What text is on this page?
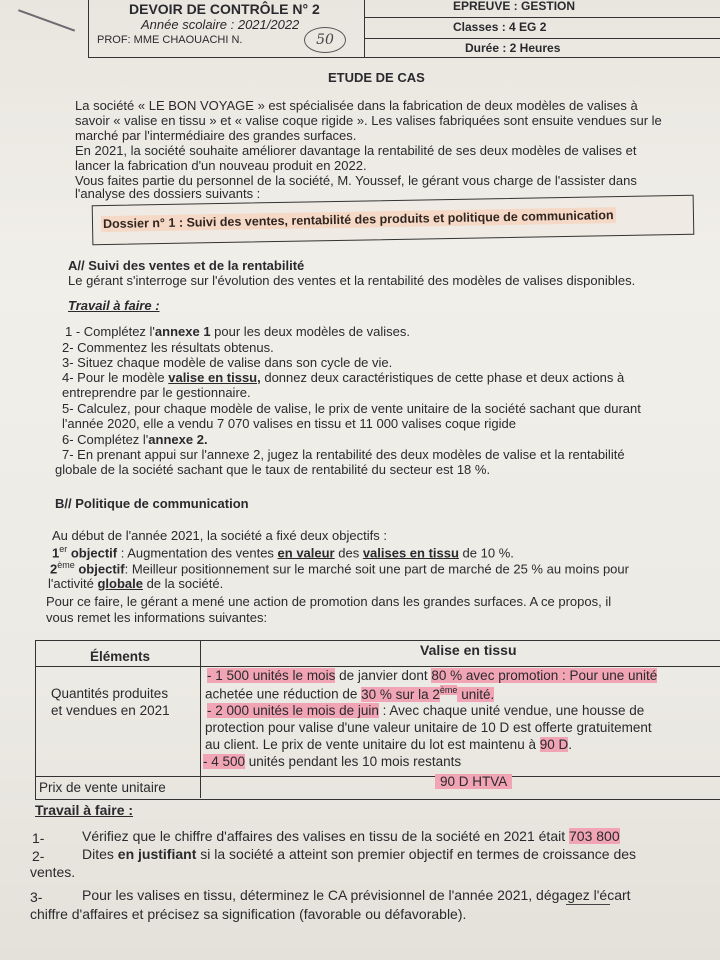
DEVOIR DE CONTRÔLE N° 2
Année scolaire : 2021/2022
PROF: MME CHAOUACHI N.	50

EPREUVE : GESTION
Classes : 4 EG 2
Durée : 2 Heures
ETUDE DE CAS
La société « LE BON VOYAGE » est spécialisée dans la fabrication de deux modèles de valises à
savoir « valise en tissu » et « valise coque rigide ». Les valises fabriquées sont ensuite vendues sur le
marché par l'intermédiaire des grandes surfaces.
En 2021, la société souhaite améliorer davantage la rentabilité de ses deux modèles de valises et
lancer la fabrication d'un nouveau produit en 2022.
Vous faites partie du personnel de la société, M. Youssef, le gérant vous charge de l'assister dans
l'analyse des dossiers suivants :
Dossier n° 1 : Suivi des ventes, rentabilité des produits et politique de communication
A// Suivi des ventes et de la rentabilité
Le gérant s'interroge sur l'évolution des ventes et la rentabilité des modèles de valises disponibles.
Travail à faire :
1 - Complétez l'annexe 1 pour les deux modèles de valises.
2- Commentez les résultats obtenus.
3- Situez chaque modèle de valise dans son cycle de vie.
4- Pour le modèle valise en tissu, donnez deux caractéristiques de cette phase et deux actions à
entreprendre par le gestionnaire.
5- Calculez, pour chaque modèle de valise, le prix de vente unitaire de la société sachant que durant
l'année 2020, elle a vendu 7 070 valises en tissu et 11 000 valises coque rigide
6- Complétez l'annexe 2.
7- En prenant appui sur l'annexe 2, jugez la rentabilité des deux modèles de valise et la rentabilité
globale de la société sachant que le taux de rentabilité du secteur est 18 %.
B// Politique de communication
Au début de l'année 2021, la société a fixé deux objectifs :
1er objectif : Augmentation des ventes en valeur des valises en tissu de 10 %.
2ème objectif: Meilleur positionnement sur le marché soit une part de marché de 25 % au moins pour
l'activité globale de la société.
Pour ce faire, le gérant a mené une action de promotion dans les grandes surfaces. A ce propos, il
vous remet les informations suivantes:
Éléments	Valise en tissu
Quantités produites
et vendues en 2021
- 1 500 unités le mois de janvier dont 80 % avec promotion : Pour une unité
achetée une réduction de 30 % sur la 2ème unité.
- 2 000 unités le mois de juin : Avec chaque unité vendue, une housse de
protection pour valise d'une valeur unitaire de 10 D est offerte gratuitement
au client. Le prix de vente unitaire du lot est maintenu à 90 D.
- 4 500 unités pendant les 10 mois restants
Prix de vente unitaire	90 D HTVA
Travail à faire :
1-	Vérifiez que le chiffre d'affaires des valises en tissu de la société en 2021 était 703 800
2-	Dites en justifiant si la société a atteint son premier objectif en termes de croissance des
ventes.
3-	Pour les valises en tissu, déterminez le CA prévisionnel de l'année 2021, dégagez l'écart
chiffre d'affaires et précisez sa signification (favorable ou défavorable).
